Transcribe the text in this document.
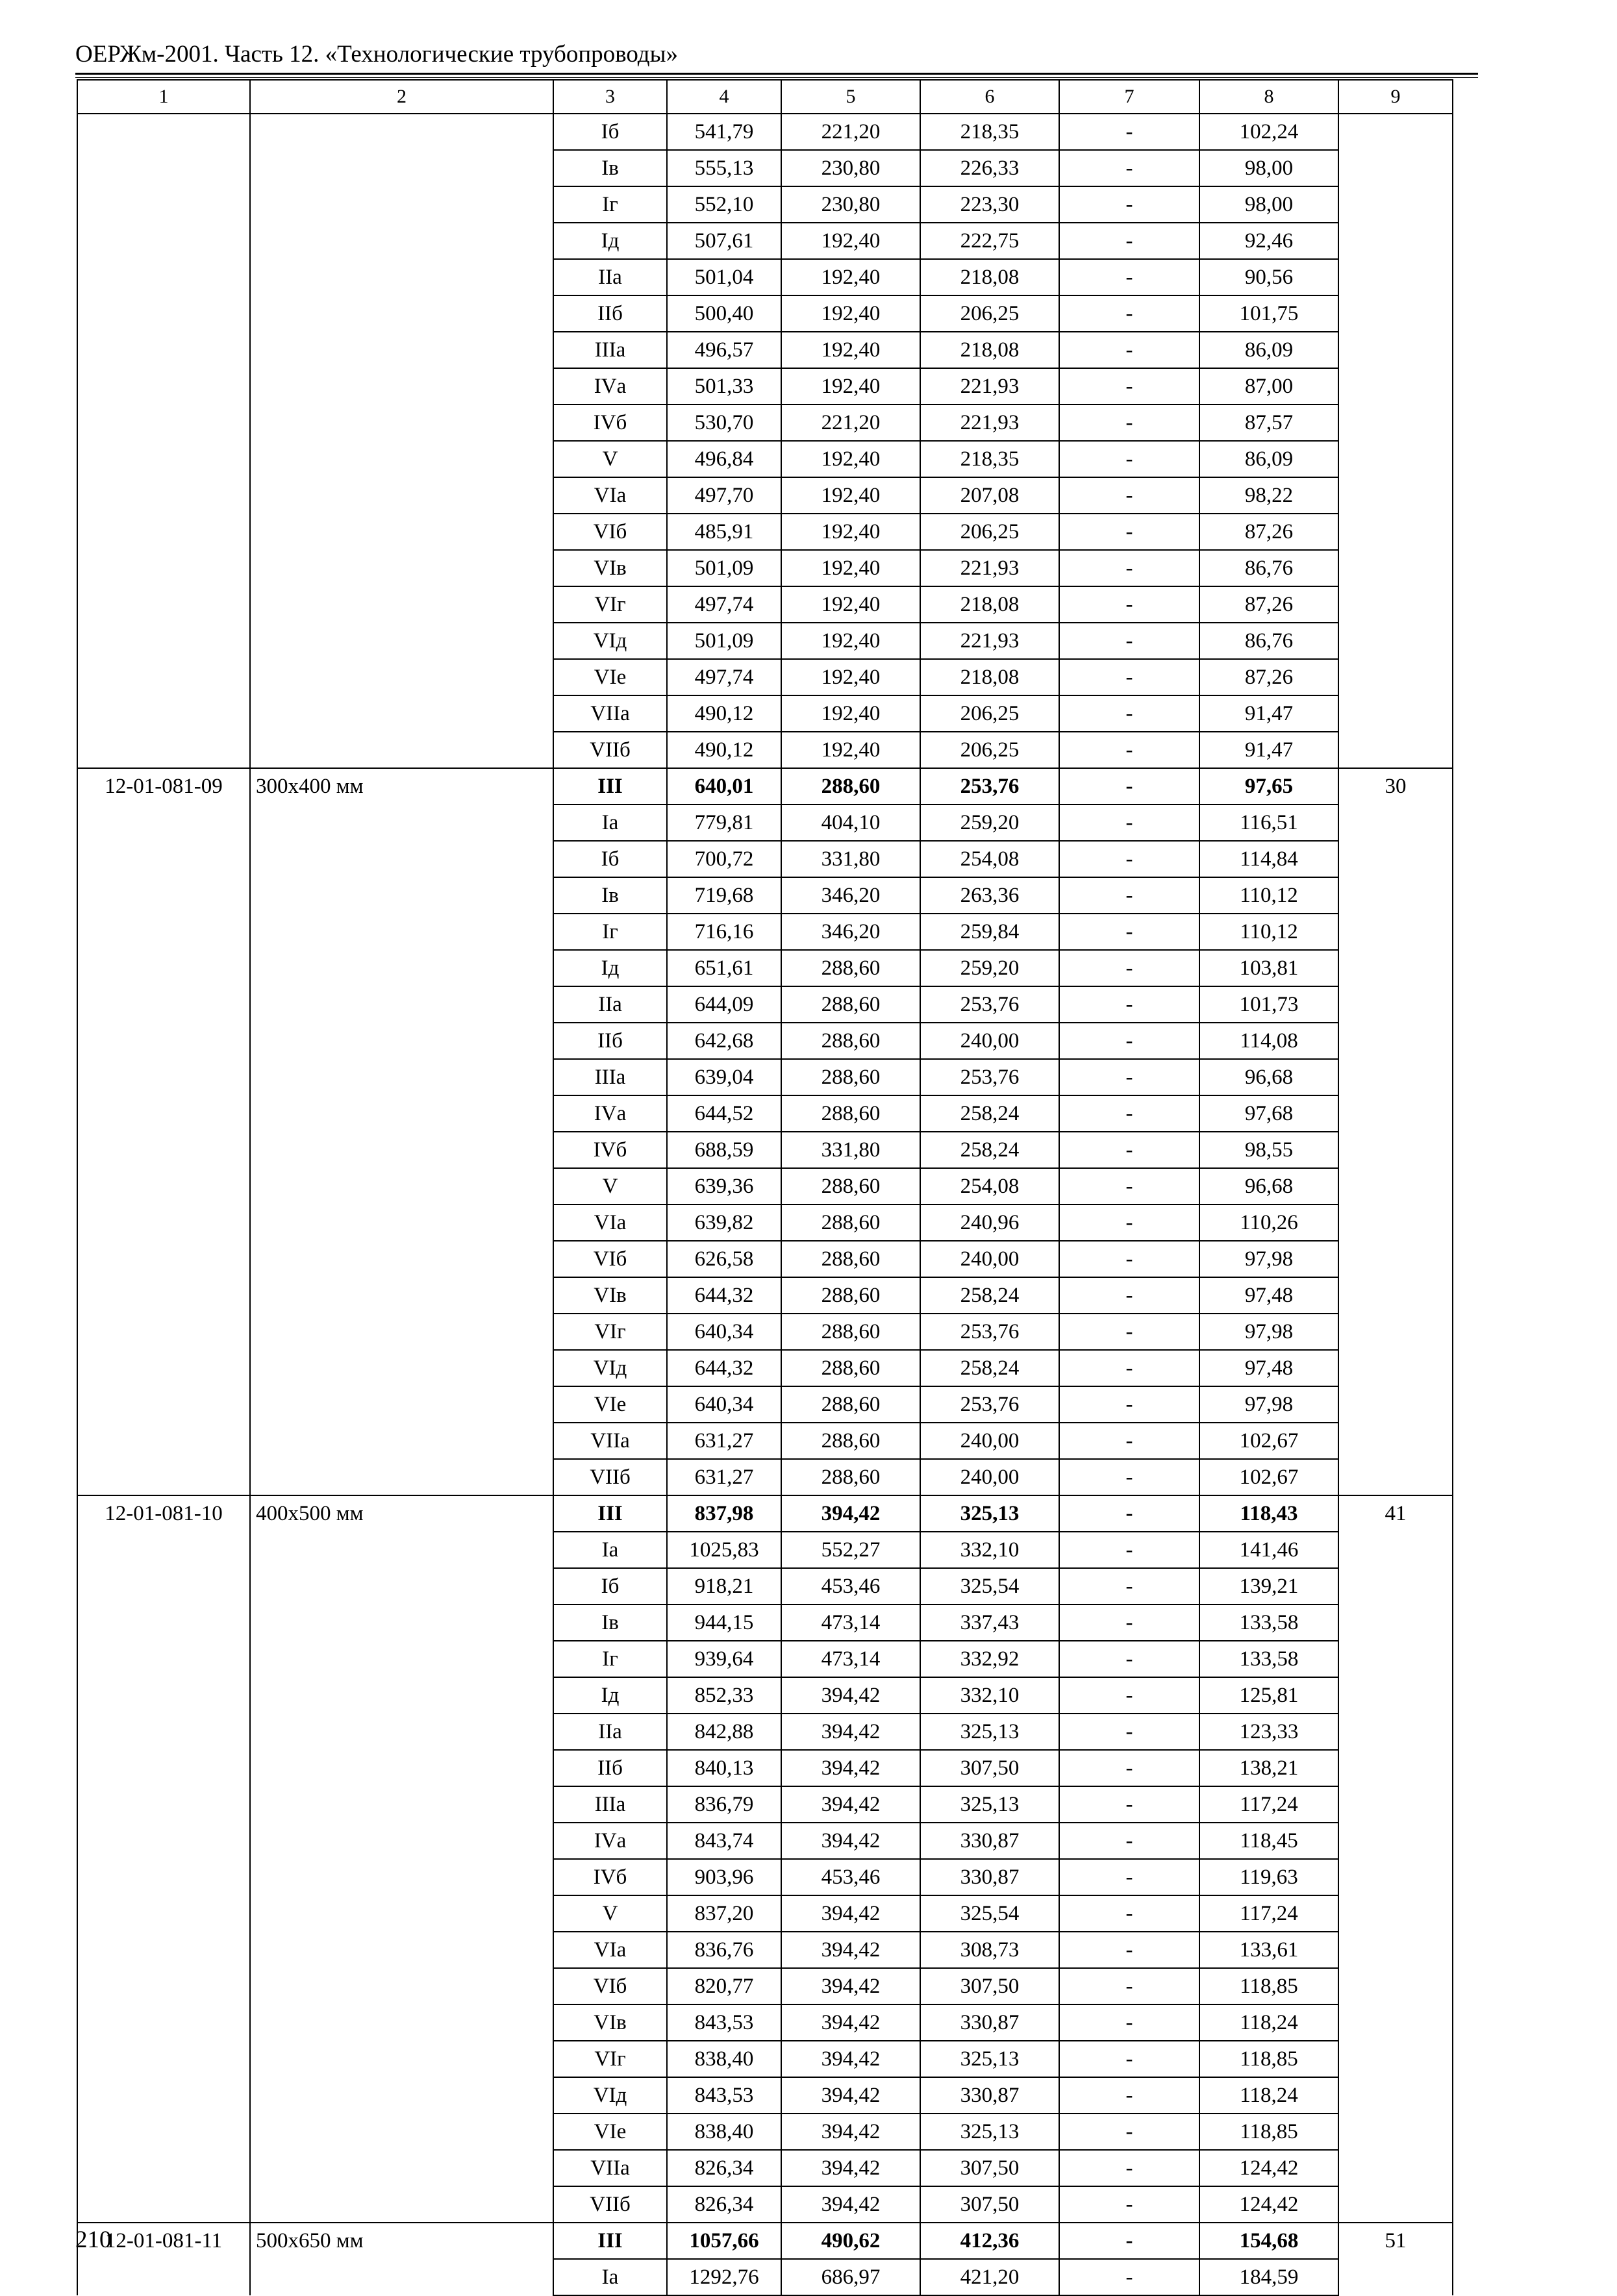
ОЕРЖм-2001. Часть 12. «Технологические трубопроводы»
1	2	3	4	5	6	7	8	9
		Iб	541,79	221,20	218,35	-	102,24	
		Iв	555,13	230,80	226,33	-	98,00	
		Iг	552,10	230,80	223,30	-	98,00	
		Iд	507,61	192,40	222,75	-	92,46	
		IIа	501,04	192,40	218,08	-	90,56	
		IIб	500,40	192,40	206,25	-	101,75	
		IIIа	496,57	192,40	218,08	-	86,09	
		IVа	501,33	192,40	221,93	-	87,00	
		IVб	530,70	221,20	221,93	-	87,57	
		V	496,84	192,40	218,35	-	86,09	
		VIа	497,70	192,40	207,08	-	98,22	
		VIб	485,91	192,40	206,25	-	87,26	
		VIв	501,09	192,40	221,93	-	86,76	
		VIг	497,74	192,40	218,08	-	87,26	
		VIд	501,09	192,40	221,93	-	86,76	
		VIе	497,74	192,40	218,08	-	87,26	
		VIIа	490,12	192,40	206,25	-	91,47	
		VIIб	490,12	192,40	206,25	-	91,47	
12-01-081-09	300х400 мм	III	640,01	288,60	253,76	-	97,65	30
		Iа	779,81	404,10	259,20	-	116,51	
		Iб	700,72	331,80	254,08	-	114,84	
		Iв	719,68	346,20	263,36	-	110,12	
		Iг	716,16	346,20	259,84	-	110,12	
		Iд	651,61	288,60	259,20	-	103,81	
		IIа	644,09	288,60	253,76	-	101,73	
		IIб	642,68	288,60	240,00	-	114,08	
		IIIа	639,04	288,60	253,76	-	96,68	
		IVа	644,52	288,60	258,24	-	97,68	
		IVб	688,59	331,80	258,24	-	98,55	
		V	639,36	288,60	254,08	-	96,68	
		VIа	639,82	288,60	240,96	-	110,26	
		VIб	626,58	288,60	240,00	-	97,98	
		VIв	644,32	288,60	258,24	-	97,48	
		VIг	640,34	288,60	253,76	-	97,98	
		VIд	644,32	288,60	258,24	-	97,48	
		VIе	640,34	288,60	253,76	-	97,98	
		VIIа	631,27	288,60	240,00	-	102,67	
		VIIб	631,27	288,60	240,00	-	102,67	
12-01-081-10	400х500 мм	III	837,98	394,42	325,13	-	118,43	41
		Iа	1025,83	552,27	332,10	-	141,46	
		Iб	918,21	453,46	325,54	-	139,21	
		Iв	944,15	473,14	337,43	-	133,58	
		Iг	939,64	473,14	332,92	-	133,58	
		Iд	852,33	394,42	332,10	-	125,81	
		IIа	842,88	394,42	325,13	-	123,33	
		IIб	840,13	394,42	307,50	-	138,21	
		IIIа	836,79	394,42	325,13	-	117,24	
		IVа	843,74	394,42	330,87	-	118,45	
		IVб	903,96	453,46	330,87	-	119,63	
		V	837,20	394,42	325,54	-	117,24	
		VIа	836,76	394,42	308,73	-	133,61	
		VIб	820,77	394,42	307,50	-	118,85	
		VIв	843,53	394,42	330,87	-	118,24	
		VIг	838,40	394,42	325,13	-	118,85	
		VIд	843,53	394,42	330,87	-	118,24	
		VIе	838,40	394,42	325,13	-	118,85	
		VIIа	826,34	394,42	307,50	-	124,42	
		VIIб	826,34	394,42	307,50	-	124,42	
12-01-081-11	500х650 мм	III	1057,66	490,62	412,36	-	154,68	51
		Iа	1292,76	686,97	421,20	-	184,59	
210
